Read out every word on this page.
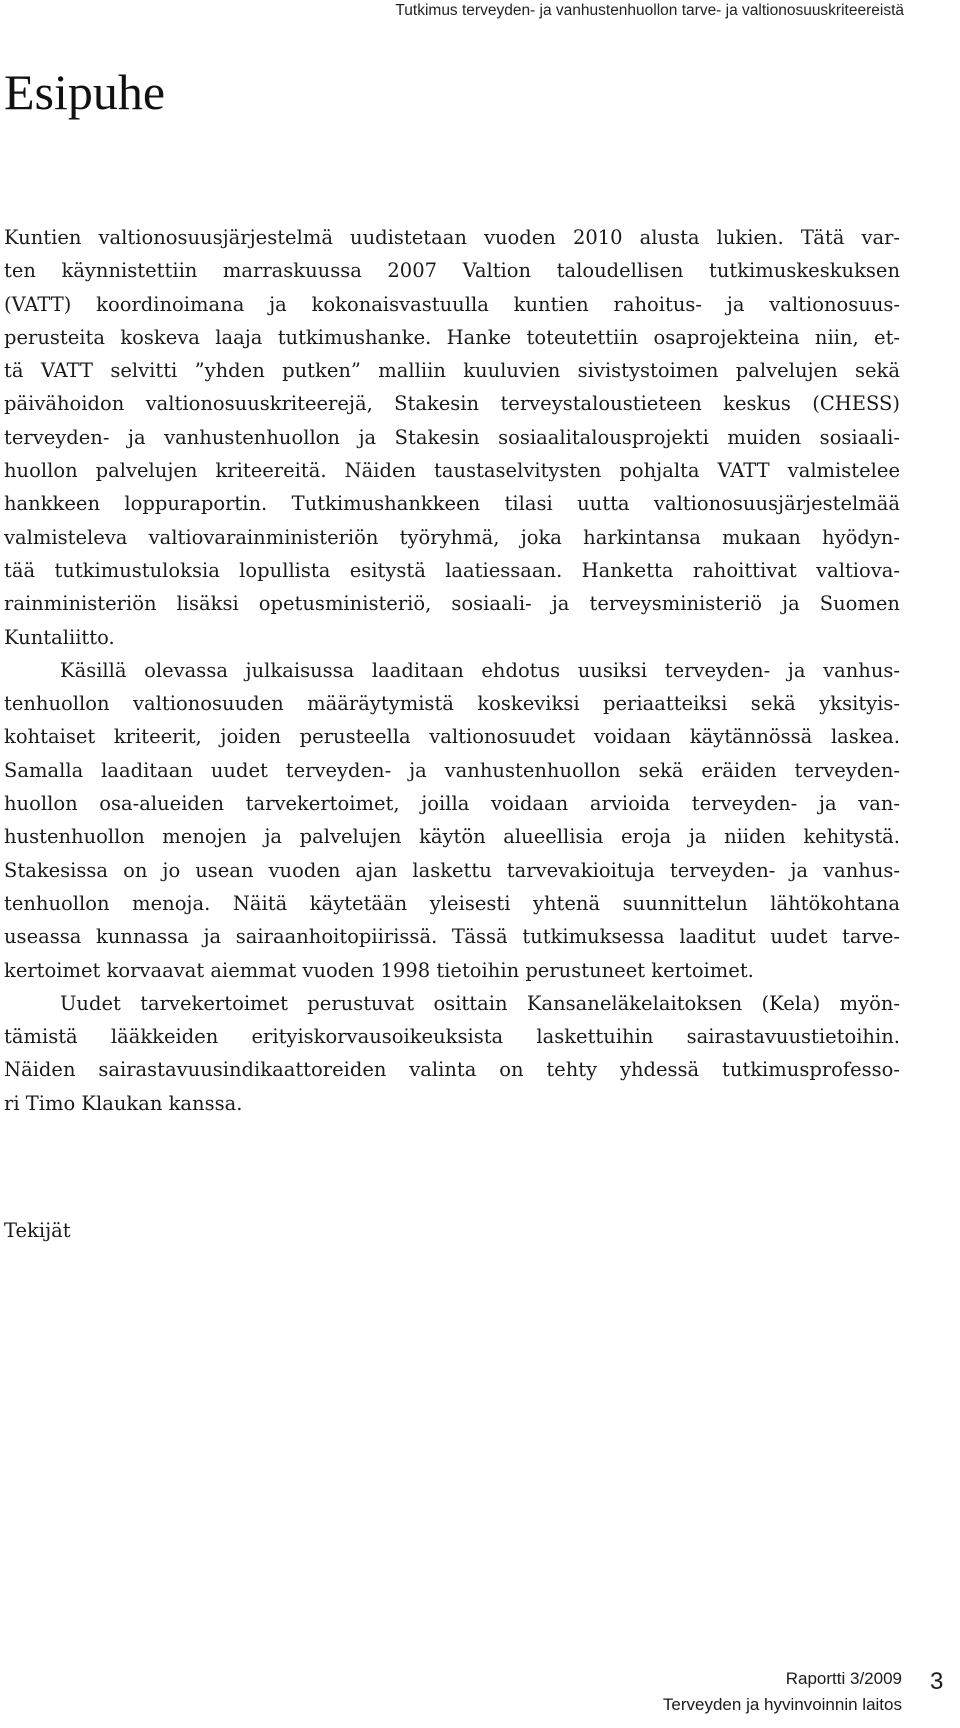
Tutkimus terveyden- ja vanhustenhuollon tarve- ja valtionosuuskriteereistä
Esipuhe
Kuntien valtionosuusjärjestelmä uudistetaan vuoden 2010 alusta lukien. Tätä var-
ten käynnistettiin marraskuussa 2007 Valtion taloudellisen tutkimuskeskuksen
(VATT) koordinoimana ja kokonaisvastuulla kuntien rahoitus- ja valtionosuus-
perusteita koskeva laaja tutkimushanke. Hanke toteutettiin osaprojekteina niin, et-
tä VATT selvitti ”yhden putken” malliin kuuluvien sivistystoimen palvelujen sekä
päivähoidon valtionosuuskriteerejä, Stakesin terveystaloustieteen keskus (CHESS)
terveyden- ja vanhustenhuollon ja Stakesin sosiaalitalousprojekti muiden sosiaali-
huollon palvelujen kriteereitä. Näiden taustaselvitysten pohjalta VATT valmistelee
hankkeen loppuraportin. Tutkimushankkeen tilasi uutta valtionosuusjärjestelmää
valmisteleva valtiovarainministeriön työryhmä, joka harkintansa mukaan hyödyn-
tää tutkimustuloksia lopullista esitystä laatiessaan. Hanketta rahoittivat valtiova-
rainministeriön lisäksi opetusministeriö, sosiaali- ja terveysministeriö ja Suomen
Kuntaliitto.
Käsillä olevassa julkaisussa laaditaan ehdotus uusiksi terveyden- ja vanhus-
tenhuollon valtionosuuden määräytymistä koskeviksi periaatteiksi sekä yksityis-
kohtaiset kriteerit, joiden perusteella valtionosuudet voidaan käytännössä laskea.
Samalla laaditaan uudet terveyden- ja vanhustenhuollon sekä eräiden terveyden-
huollon osa-alueiden tarvekertoimet, joilla voidaan arvioida terveyden- ja van-
hustenhuollon menojen ja palvelujen käytön alueellisia eroja ja niiden kehitystä.
Stakesissa on jo usean vuoden ajan laskettu tarvevakioituja terveyden- ja vanhus-
tenhuollon menoja. Näitä käytetään yleisesti yhtenä suunnittelun lähtökohtana
useassa kunnassa ja sairaanhoitopiirissä. Tässä tutkimuksessa laaditut uudet tarve-
kertoimet korvaavat aiemmat vuoden 1998 tietoihin perustuneet kertoimet.
Uudet tarvekertoimet perustuvat osittain Kansaneläkelaitoksen (Kela) myön-
tämistä lääkkeiden erityiskorvausoikeuksista laskettuihin sairastavuustietoihin.
Näiden sairastavuusindikaattoreiden valinta on tehty yhdessä tutkimusprofesso-
ri Timo Klaukan kanssa.
Tekijät
Raportti 3/2009
Terveyden ja hyvinvoinnin laitos
3
